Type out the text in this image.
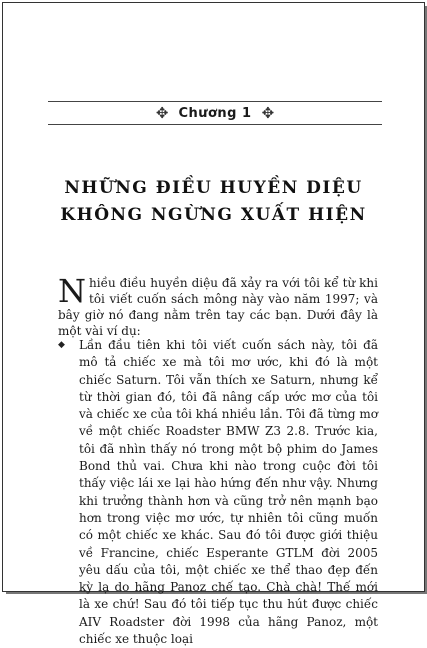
✥ Chương 1 ✥
NHỮNG ĐIỀU HUYỀN DIỆU
KHÔNG NGỪNG XUẤT HIỆN
N hiều điều huyền diệu đã xảy ra với tôi kể từ khi tôi viết cuốn sách mông này vào năm 1997; và bây giờ nó đang nằm trên tay các bạn. Dưới đây là một vài ví dụ:
◆ Lần đầu tiên khi tôi viết cuốn sách này, tôi đã mô tả chiếc xe mà tôi mơ ước, khi đó là một chiếc Saturn. Tôi vẫn thích xe Saturn, nhưng kể từ thời gian đó, tôi đã nâng cấp ước mơ của tôi và chiếc xe của tôi khá nhiều lần. Tôi đã từng mơ về một chiếc Roadster BMW Z3 2.8. Trước kia, tôi đã nhìn thấy nó trong một bộ phim do James Bond thủ vai. Chưa khi nào trong cuộc đời tôi thấy việc lái xe lại hào hứng đến như vậy. Nhưng khi trưởng thành hơn và cũng trở nên mạnh bạo hơn trong việc mơ ước, tự nhiên tôi cũng muốn có một chiếc xe khác. Sau đó tôi được giới thiệu về Francine, chiếc Esperante GTLM đời 2005 yêu dấu của tôi, một chiếc xe thể thao đẹp đến kỳ lạ do hãng Panoz chế tạo. Chà chà! Thế mới là xe chứ! Sau đó tôi tiếp tục thu hút được chiếc AIV Roadster đời 1998 của hãng Panoz, một chiếc xe thuộc loại
